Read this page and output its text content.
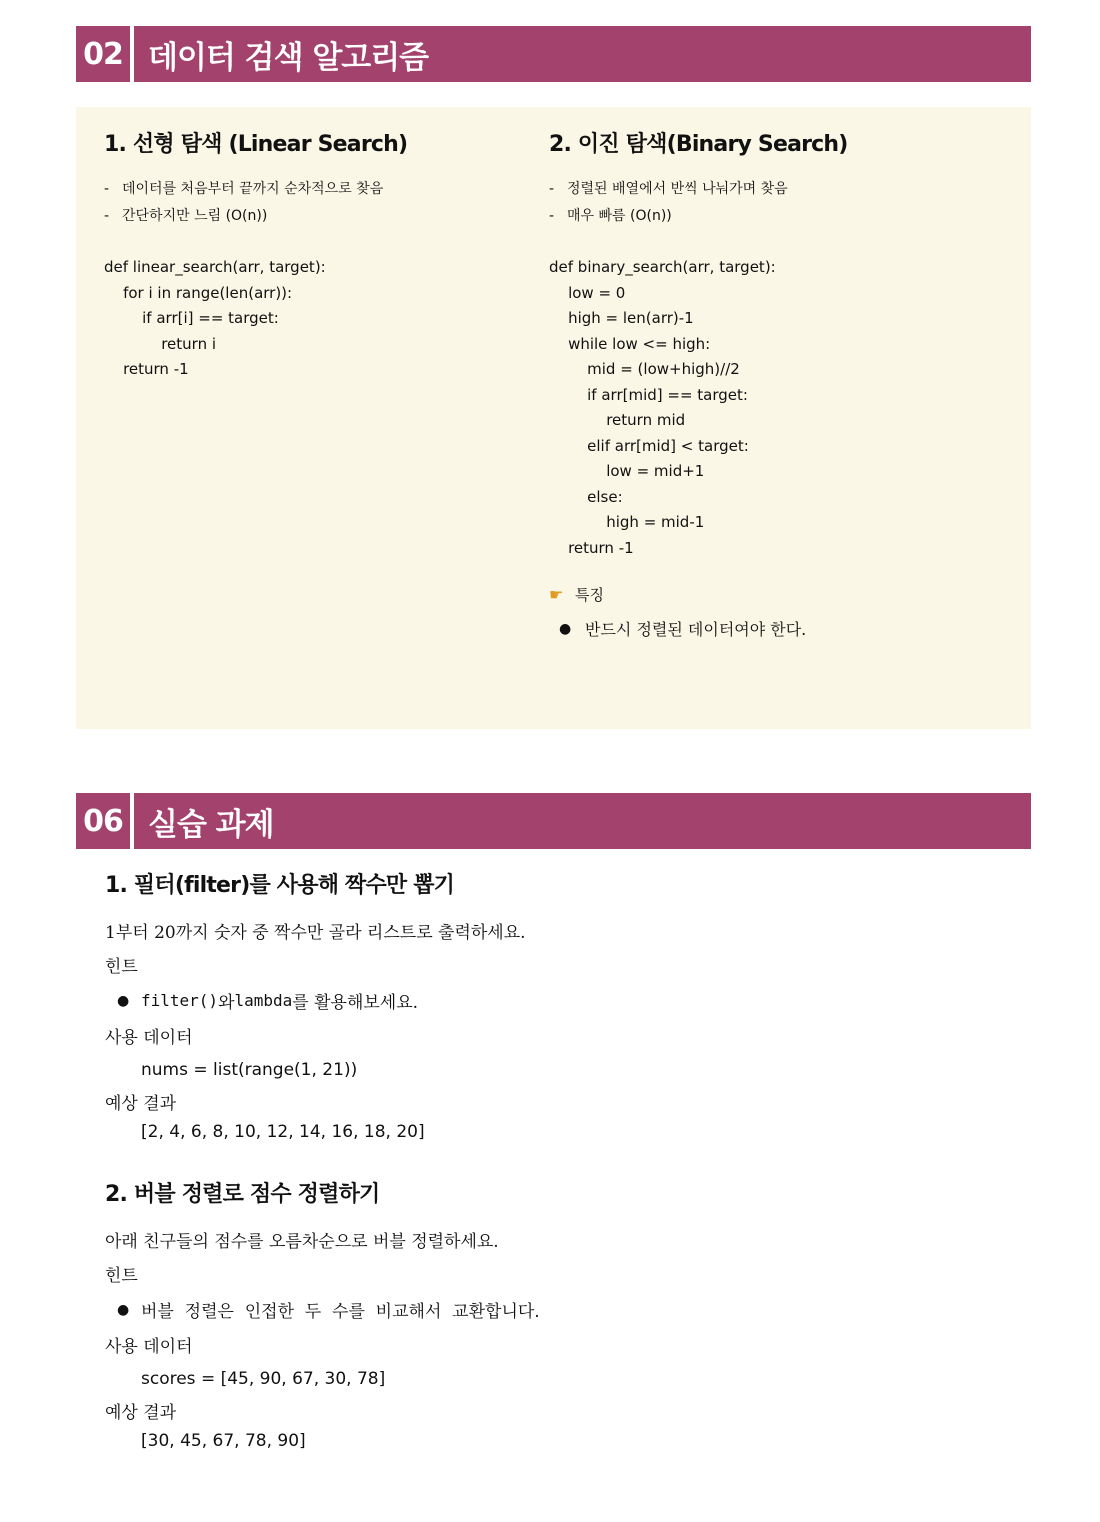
02 데이터 검색 알고리즘
1. 선형 탐색 (Linear Search)
- 데이터를 처음부터 끝까지 순차적으로 찾음
- 간단하지만 느림 (O(n))
def linear_search(arr, target):
for i in range(len(arr)):
if arr[i] == target:
return i
return -1
2. 이진 탐색(Binary Search)
- 정렬된 배열에서 반씩 나눠가며 찾음
- 매우 빠름 (O(n))
def binary_search(arr, target):
low = 0
high = len(arr)-1
while low <= high:
mid = (low+high)//2
if arr[mid] == target:
return mid
elif arr[mid] < target:
low = mid+1
else:
high = mid-1
return -1
☛ 특징
● 반드시 정렬된 데이터여야 한다.
06 실습 과제
1. 필터(filter)를 사용해 짝수만 뽑기
1부터 20까지 숫자 중 짝수만 골라 리스트로 출력하세요.
힌트
● filter() 와 lambda 를 활용해보세요.
사용 데이터
nums = list(range(1, 21))
예상 결과
[2, 4, 6, 8, 10, 12, 14, 16, 18, 20]
2. 버블 정렬로 점수 정렬하기
아래 친구들의 점수를 오름차순으로 버블 정렬하세요.
힌트
● 버블  정렬은  인접한  두  수를  비교해서  교환합니다.
사용 데이터
scores = [45, 90, 67, 30, 78]
예상 결과
[30, 45, 67, 78, 90]
